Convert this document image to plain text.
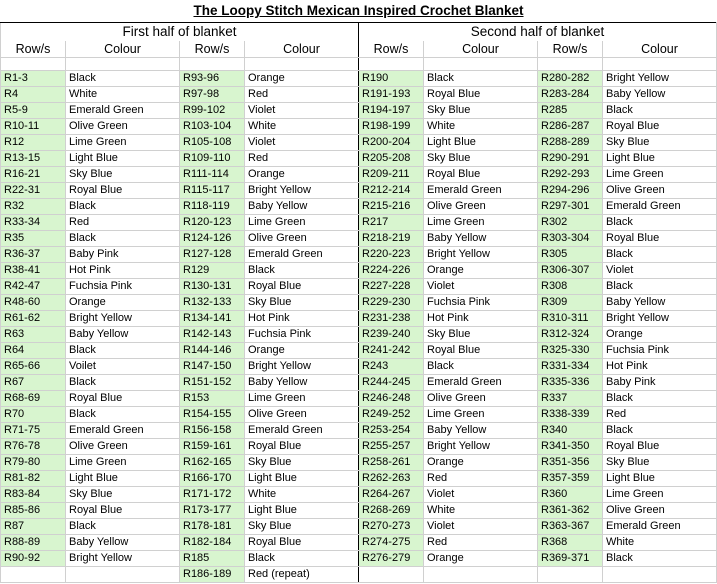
The Loopy Stitch Mexican Inspired Crochet Blanket
First half of blanket				Second half of blanket			
Row/s	Colour	Row/s	Colour	Row/s	Colour	Row/s	Colour

R1-3	Black	R93-96	Orange	R190	Black	R280-282	Bright Yellow
R4	White	R97-98	Red	R191-193	Royal Blue	R283-284	Baby Yellow
R5-9	Emerald Green	R99-102	Violet	R194-197	Sky Blue	R285	Black
R10-11	Olive Green	R103-104	White	R198-199	White	R286-287	Royal Blue
R12	Lime Green	R105-108	Violet	R200-204	Light Blue	R288-289	Sky Blue
R13-15	Light Blue	R109-110	Red	R205-208	Sky Blue	R290-291	Light Blue
R16-21	Sky Blue	R111-114	Orange	R209-211	Royal Blue	R292-293	Lime Green
R22-31	Royal Blue	R115-117	Bright Yellow	R212-214	Emerald Green	R294-296	Olive Green
R32	Black	R118-119	Baby Yellow	R215-216	Olive Green	R297-301	Emerald Green
R33-34	Red	R120-123	Lime Green	R217	Lime Green	R302	Black
R35	Black	R124-126	Olive Green	R218-219	Baby Yellow	R303-304	Royal Blue
R36-37	Baby Pink	R127-128	Emerald Green	R220-223	Bright Yellow	R305	Black
R38-41	Hot Pink	R129	Black	R224-226	Orange	R306-307	Violet
R42-47	Fuchsia Pink	R130-131	Royal Blue	R227-228	Violet	R308	Black
R48-60	Orange	R132-133	Sky Blue	R229-230	Fuchsia Pink	R309	Baby Yellow
R61-62	Bright Yellow	R134-141	Hot Pink	R231-238	Hot Pink	R310-311	Bright Yellow
R63	Baby Yellow	R142-143	Fuchsia Pink	R239-240	Sky Blue	R312-324	Orange
R64	Black	R144-146	Orange	R241-242	Royal Blue	R325-330	Fuchsia Pink
R65-66	Voilet	R147-150	Bright Yellow	R243	Black	R331-334	Hot Pink
R67	Black	R151-152	Baby Yellow	R244-245	Emerald Green	R335-336	Baby Pink
R68-69	Royal Blue	R153	Lime Green	R246-248	Olive Green	R337	Black
R70	Black	R154-155	Olive Green	R249-252	Lime Green	R338-339	Red
R71-75	Emerald Green	R156-158	Emerald Green	R253-254	Baby Yellow	R340	Black
R76-78	Olive Green	R159-161	Royal Blue	R255-257	Bright Yellow	R341-350	Royal Blue
R79-80	Lime Green	R162-165	Sky Blue	R258-261	Orange	R351-356	Sky Blue
R81-82	Light Blue	R166-170	Light Blue	R262-263	Red	R357-359	Light Blue
R83-84	Sky Blue	R171-172	White	R264-267	Violet	R360	Lime Green
R85-86	Royal Blue	R173-177	Light Blue	R268-269	White	R361-362	Olive Green
R87	Black	R178-181	Sky Blue	R270-273	Violet	R363-367	Emerald Green
R88-89	Baby Yellow	R182-184	Royal Blue	R274-275	Red	R368	White
R90-92	Bright Yellow	R185	Black	R276-279	Orange	R369-371	Black
		R186-189	Red (repeat)				
